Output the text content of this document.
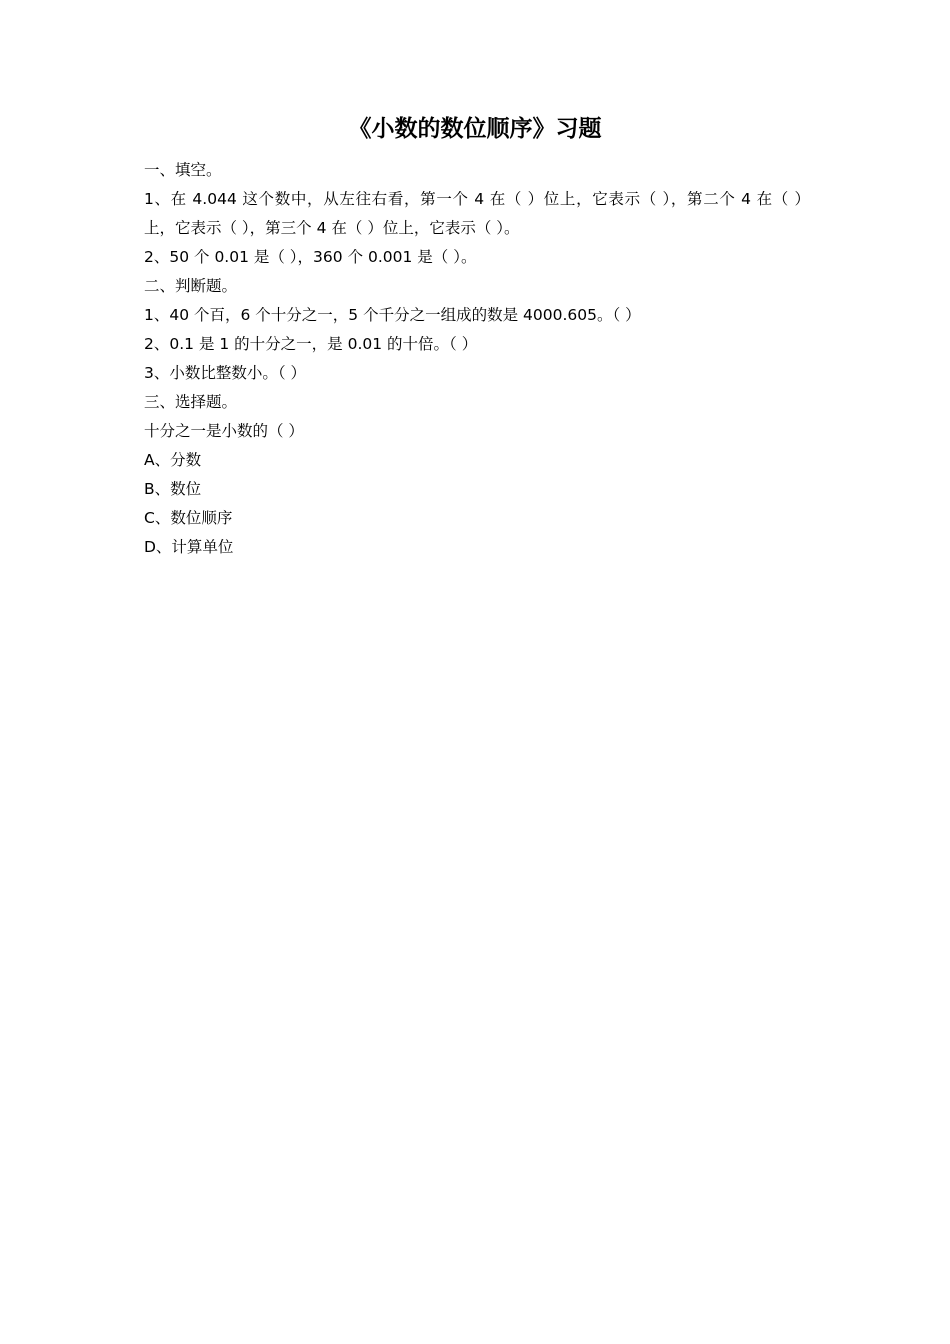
《小数的数位顺序》习题
一、填空。
1、在 4.044 这个数中，从左往右看，第一个 4 在（ ）位上，它表示（ ），第二个 4 在（ ）上，它表示（ ），第三个 4 在（ ）位上，它表示（ ）。
2、50 个 0.01 是（ ），360 个 0.001 是（ ）。
二、判断题。
1、40 个百，6 个十分之一，5 个千分之一组成的数是 4000.605。（ ）
2、0.1 是 1 的十分之一，是 0.01 的十倍。（ ）
3、小数比整数小。（ ）
三、选择题。
十分之一是小数的（ ）
A、分数
B、数位
C、数位顺序
D、计算单位
